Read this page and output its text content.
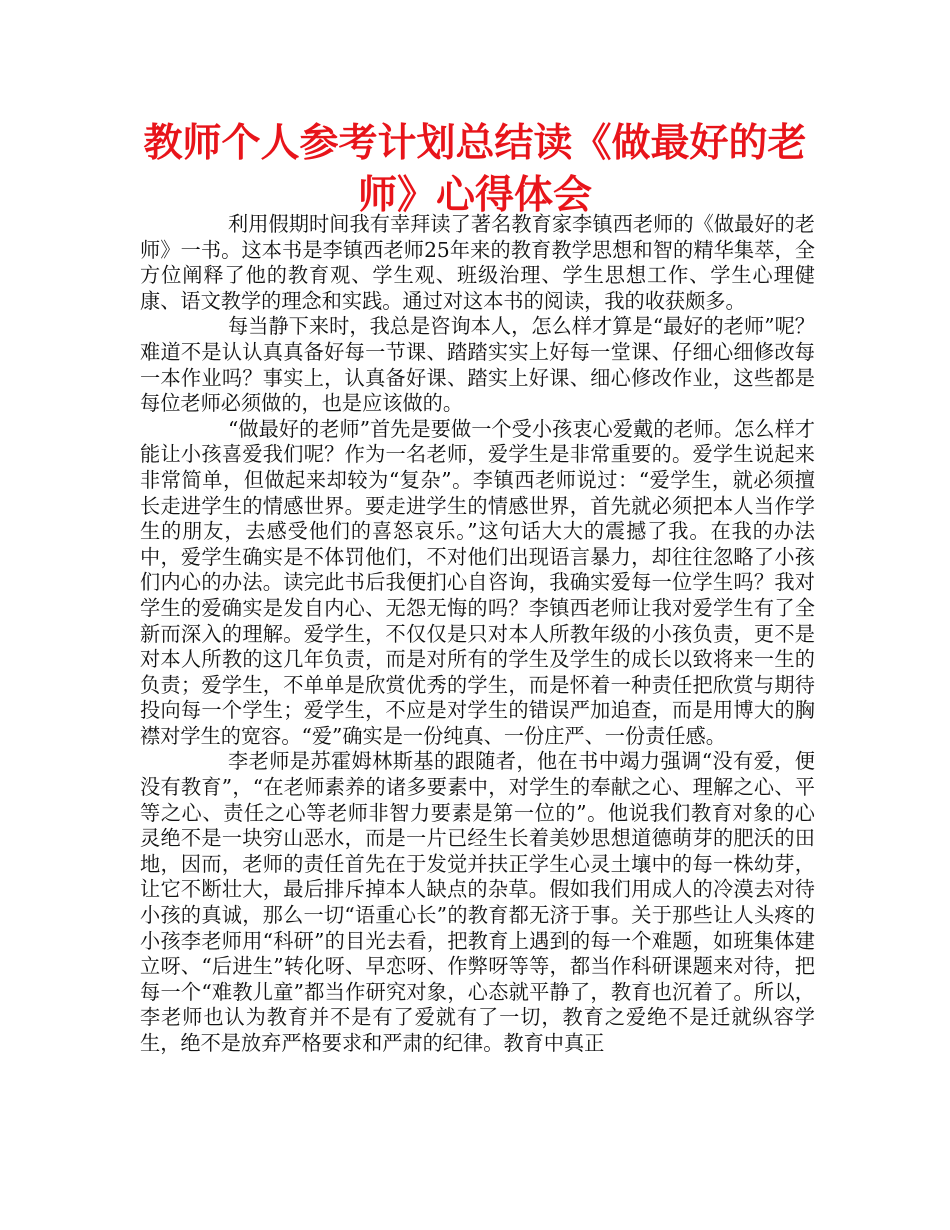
教师个人参考计划总结读《做最好的老
师》心得体会

利用假期时间我有幸拜读了著名教育家李镇西老师的《做最好的老师》一书。这本书是李镇西老师25年来的教育教学思想和智的精华集萃，全方位阐释了他的教育观、学生观、班级治理、学生思想工作、学生心理健康、语文教学的理念和实践。通过对这本书的阅读，我的收获颇多。

每当静下来时，我总是咨询本人，怎么样才算是“最好的老师”呢？难道不是认认真真备好每一节课、踏踏实实上好每一堂课、仔细心细修改每一本作业吗？事实上，认真备好课、踏实上好课、细心修改作业，这些都是每位老师必须做的，也是应该做的。

“做最好的老师”首先是要做一个受小孩衷心爱戴的老师。怎么样才能让小孩喜爱我们呢？作为一名老师，爱学生是非常重要的。爱学生说起来非常简单，但做起来却较为“复杂”。李镇西老师说过：“爱学生，就必须擅长走进学生的情感世界。要走进学生的情感世界，首先就必须把本人当作学生的朋友，去感受他们的喜怒哀乐。”这句话大大的震撼了我。在我的办法中，爱学生确实是不体罚他们，不对他们出现语言暴力，却往往忽略了小孩们内心的办法。读完此书后我便扪心自咨询，我确实爱每一位学生吗？我对学生的爱确实是发自内心、无怨无悔的吗？李镇西老师让我对爱学生有了全新而深入的理解。爱学生，不仅仅是只对本人所教年级的小孩负责，更不是对本人所教的这几年负责，而是对所有的学生及学生的成长以致将来一生的负责；爱学生，不单单是欣赏优秀的学生，而是怀着一种责任把欣赏与期待投向每一个学生；爱学生，不应是对学生的错误严加追查，而是用博大的胸襟对学生的宽容。“爱”确实是一份纯真、一份庄严、一份责任感。

李老师是苏霍姆林斯基的跟随者，他在书中竭力强调“没有爱，便没有教育”，“在老师素养的诸多要素中，对学生的奉献之心、理解之心、平等之心、责任之心等老师非智力要素是第一位的”。他说我们教育对象的心灵绝不是一块穷山恶水，而是一片已经生长着美妙思想道德萌芽的肥沃的田地，因而，老师的责任首先在于发觉并扶正学生心灵土壤中的每一株幼芽，让它不断壮大，最后排斥掉本人缺点的杂草。假如我们用成人的冷漠去对待小孩的真诚，那么一切“语重心长”的教育都无济于事。关于那些让人头疼的小孩李老师用“科研”的目光去看，把教育上遇到的每一个难题，如班集体建立呀、“后进生”转化呀、早恋呀、作弊呀等等，都当作科研课题来对待，把每一个“难教儿童”都当作研究对象，心态就平静了，教育也沉着了。所以，李老师也认为教育并不是有了爱就有了一切，教育之爱绝不是迁就纵容学生，绝不是放弃严格要求和严肃的纪律。教育中真正
